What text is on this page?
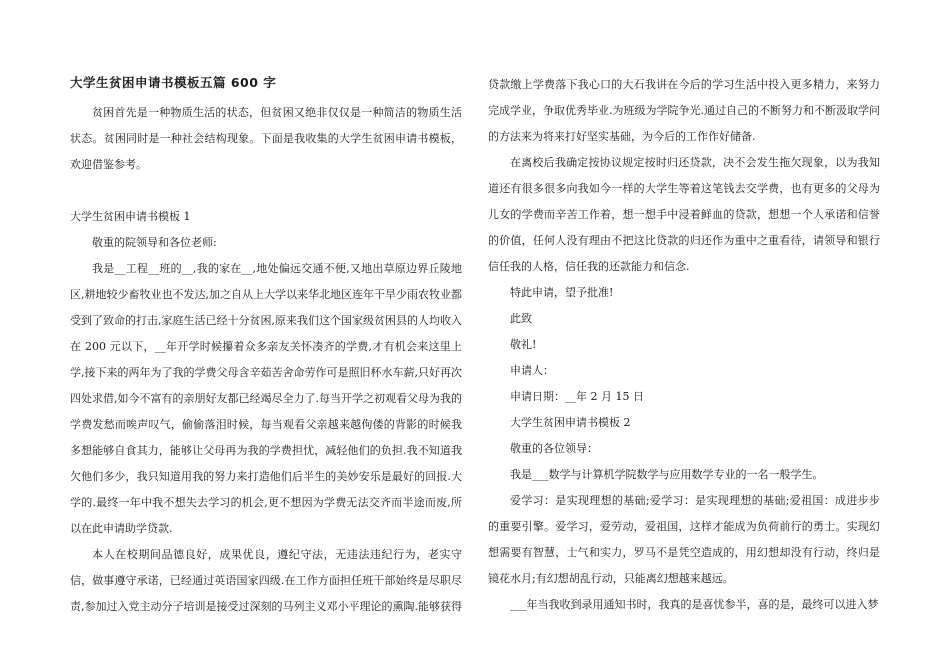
大学生贫困申请书模板五篇 600 字

贫困首先是一种物质生活的状态，但贫困又绝非仅仅是一种简洁的物质生活状态。贫困同时是一种社会结构现象。下面是我收集的大学生贫困申请书模板，欢迎借鉴参考。

大学生贫困申请书模板 1

敬重的院领导和各位老师:

我是__工程__班的__,我的家在__,地处偏远交通不便,又地出草原边界丘陵地区,耕地较少畜牧业也不发达,加之自从上大学以来华北地区连年干旱少雨农牧业都受到了致命的打击,家庭生活已经十分贫困,原来我们这个国家级贫困县的人均收入在 200 元以下，__年开学时候攥着众多亲友关怀凑齐的学费,才有机会来这里上学,接下来的两年为了我的学费父母含辛茹苦舍命劳作可是照旧杯水车薪,只好再次四处求借,如今不富有的亲朋好友都已经竭尽全力了.每当开学之初观看父母为我的学费发愁而唉声叹气，偷偷落泪时候，每当观看父亲越来越佝偻的背影的时候我多想能够自食其力，能够让父母再为我的学费担忧，减轻他们的负担.我不知道我欠他们多少，我只知道用我的努力来打造他们后半生的美妙安乐是最好的回报.大学的.最终一年中我不想失去学习的机会,更不想因为学费无法交齐而半途而废,所以在此申请助学贷款.

本人在校期间品德良好，成果优良，遵纪守法，无违法违纪行为，老实守信，做事遵守承诺，已经通过英语国家四级.在工作方面担任班干部始终是尽职尽责,参加过入党主动分子培训是接受过深刻的马列主义邓小平理论的熏陶.能够获得

贷款缴上学费落下我心口的大石我讲在今后的学习生活中投入更多精力，来努力完成学业，争取优秀毕业.为班级为学院争光.通过自己的不断努力和不断汲取学问的方法来为将来打好坚实基础，为今后的工作作好储备.

在离校后我确定按协议规定按时归还贷款，决不会发生拖欠现象，以为我知道还有很多很多向我如今一样的大学生等着这笔钱去交学费，也有更多的父母为儿女的学费而辛苦工作着，想一想手中浸着鲜血的贷款，想想一个人承诺和信誉的价值，任何人没有理由不把这比贷款的归还作为重中之重看待，请领导和银行信任我的人格，信任我的还款能力和信念.

特此申请，望予批准!

此致

敬礼!

申请人：

申请日期：__年 2 月 15 日

大学生贫困申请书模板 2

敬重的各位领导：

我是___数学与计算机学院数学与应用数学专业的一名一般学生。

爱学习：是实现理想的基础;爱学习：是实现理想的基础;爱祖国：成进步步的重要引擎。爱学习，爱劳动，爱祖国，这样才能成为负荷前行的勇士。实现幻想需要有智慧，士气和实力，罗马不是凭空造成的，用幻想却没有行动，终归是镜花水月;有幻想胡乱行动，只能离幻想越来越远。

___年当我收到录用通知书时，我真的是喜忧参半，喜的是，最终可以进入梦
